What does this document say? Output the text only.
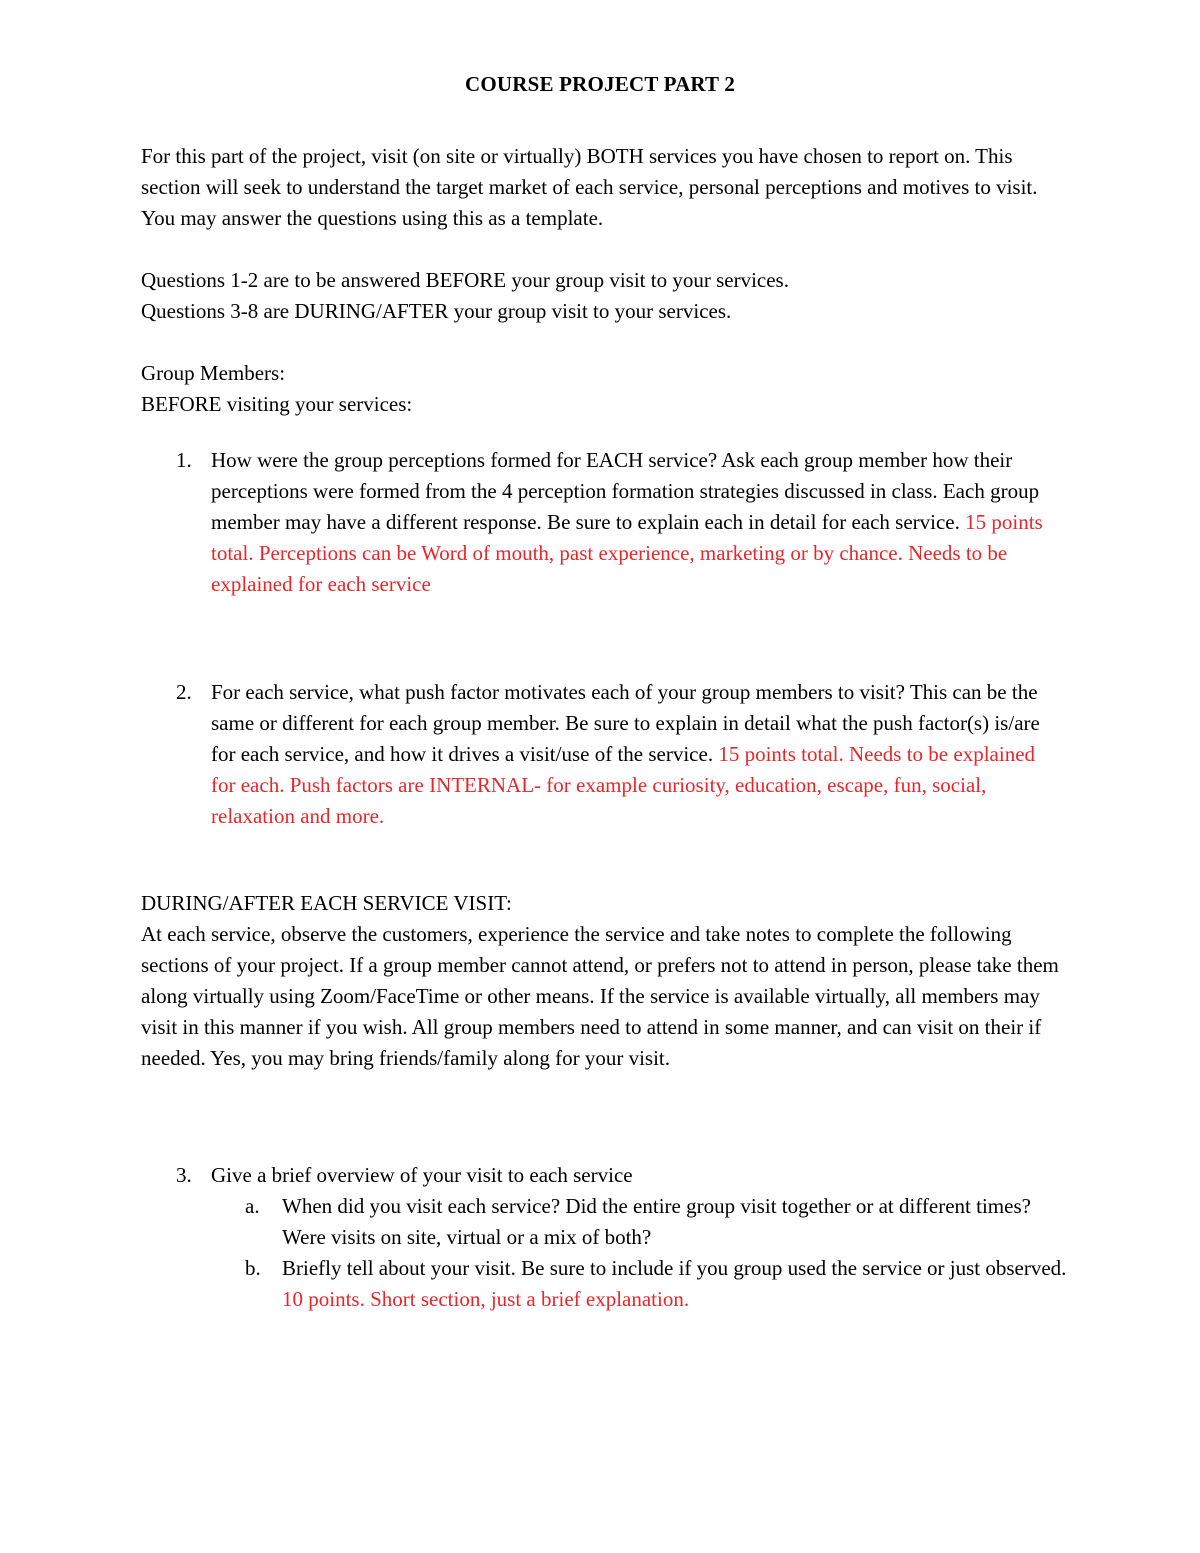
COURSE PROJECT PART 2
For this part of the project, visit (on site or virtually) BOTH services you have chosen to report on. This section will seek to understand the target market of each service, personal perceptions and motives to visit. You may answer the questions using this as a template.
Questions 1-2 are to be answered BEFORE your group visit to your services.
Questions 3-8 are DURING/AFTER your group visit to your services.
Group Members:
BEFORE visiting your services:
1. How were the group perceptions formed for EACH service? Ask each group member how their perceptions were formed from the 4 perception formation strategies discussed in class. Each group member may have a different response. Be sure to explain each in detail for each service. 15 points total. Perceptions can be Word of mouth, past experience, marketing or by chance. Needs to be explained for each service
2. For each service, what push factor motivates each of your group members to visit? This can be the same or different for each group member. Be sure to explain in detail what the push factor(s) is/are for each service, and how it drives a visit/use of the service. 15 points total. Needs to be explained for each. Push factors are INTERNAL- for example curiosity, education, escape, fun, social, relaxation and more.
DURING/AFTER EACH SERVICE VISIT:
At each service, observe the customers, experience the service and take notes to complete the following sections of your project. If a group member cannot attend, or prefers not to attend in person, please take them along virtually using Zoom/FaceTime or other means. If the service is available virtually, all members may visit in this manner if you wish. All group members need to attend in some manner, and can visit on their if needed. Yes, you may bring friends/family along for your visit.
3. Give a brief overview of your visit to each service
a.	When did you visit each service? Did the entire group visit together or at different times? Were visits on site, virtual or a mix of both?
b.	Briefly tell about your visit. Be sure to include if you group used the service or just observed.  10 points. Short section, just a brief explanation.
